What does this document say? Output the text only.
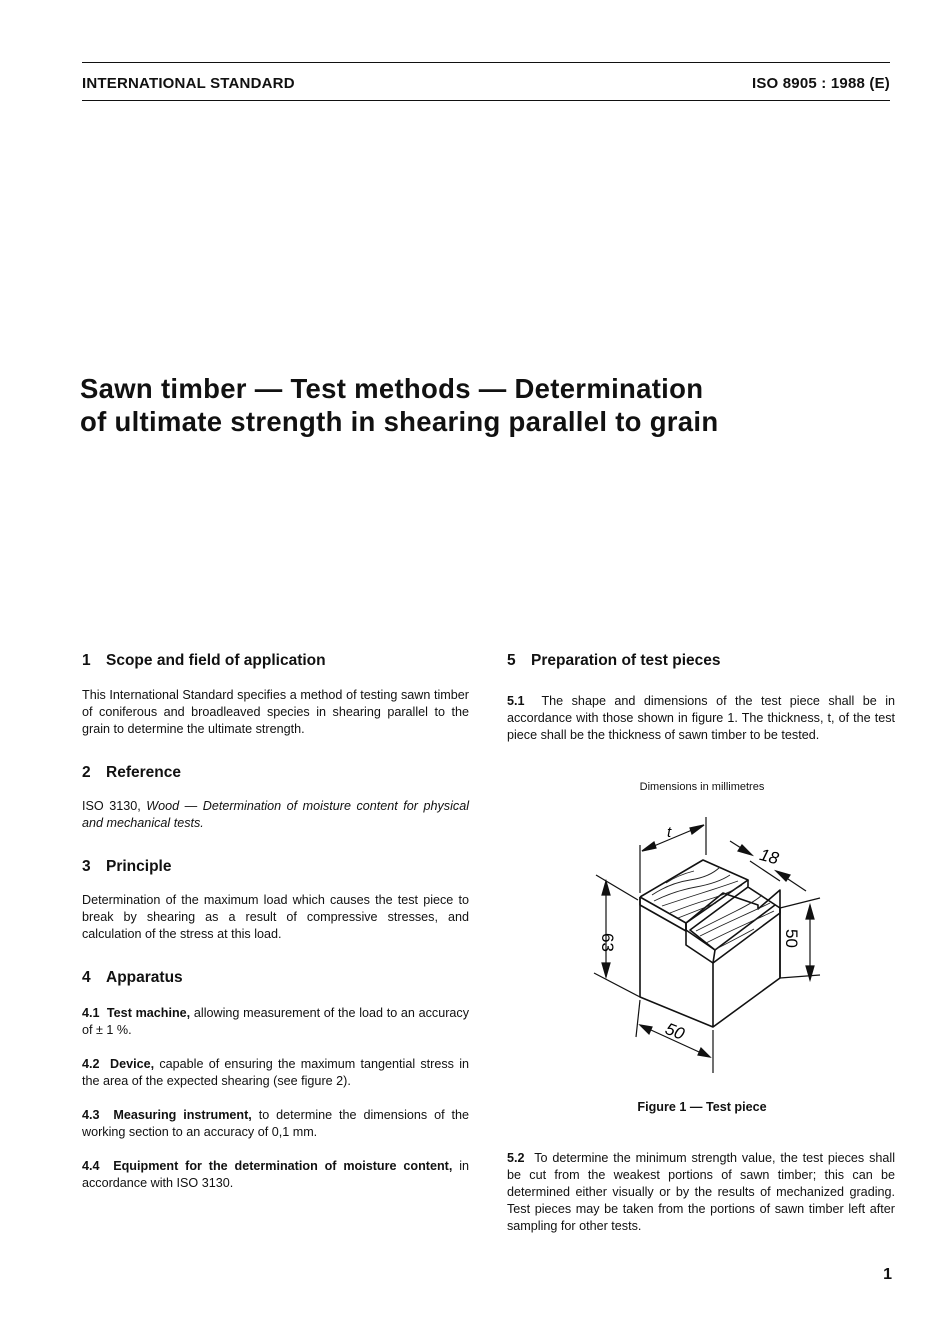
INTERNATIONAL STANDARD	ISO 8905 : 1988 (E)
Sawn timber — Test methods — Determination
of ultimate strength in shearing parallel to grain
1 Scope and field of application

This International Standard specifies a method of testing sawn timber of coniferous and broadleaved species in shearing parallel to the grain to determine the ultimate strength.

2 Reference

ISO 3130, Wood — Determination of moisture content for physical and mechanical tests.

3 Principle

Determination of the maximum load which causes the test piece to break by shearing as a result of compressive stresses, and calculation of the stress at this load.

4 Apparatus

4.1 Test machine, allowing measurement of the load to an accuracy of ± 1 %.

4.2 Device, capable of ensuring the maximum tangential stress in the area of the expected shearing (see figure 2).

4.3 Measuring instrument, to determine the dimensions of the working section to an accuracy of 0,1 mm.

4.4 Equipment for the determination of moisture content, in accordance with ISO 3130.

5 Preparation of test pieces

5.1 The shape and dimensions of the test piece shall be in accordance with those shown in figure 1. The thickness, t, of the test piece shall be the thickness of sawn timber to be tested.

Dimensions in millimetres
t
18
63	50
50
Figure 1 — Test piece

5.2 To determine the minimum strength value, the test pieces shall be cut from the weakest portions of sawn timber; this can be determined either visually or by the results of mechanized grading. Test pieces may be taken from the portions of sawn timber left after sampling for other tests.

1
